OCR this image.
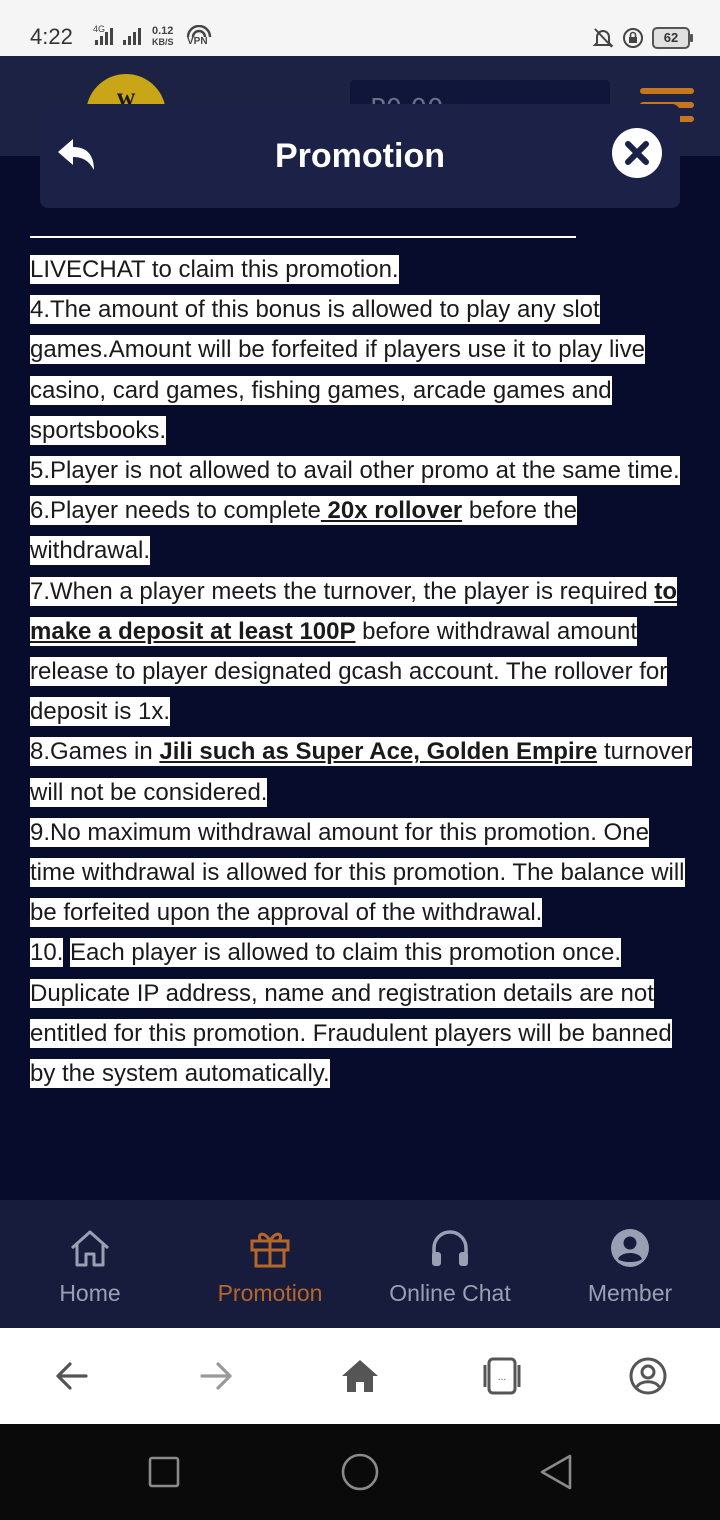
4:22 4G	0.12
KB/S VPN	62
Promotion

LIVECHAT to claim this promotion.

4.The amount of this bonus is allowed to play any slot games.Amount will be forfeited if players use it to play live casino, card games, fishing games, arcade games and sportsbooks.

5.Player is not allowed to avail other promo at the same time.

6.Player needs to complete 20x rollover before the withdrawal.

7.When a player meets the turnover, the player is required to make a deposit at least 100P before withdrawal amount release to player designated gcash account. The rollover for deposit is 1x.

8.Games in Jili such as Super Ace, Golden Empire turnover will not be considered.

9.No maximum withdrawal amount for this promotion. One time withdrawal is allowed for this promotion. The balance will be forfeited upon the approval of the withdrawal.

10. Each player is allowed to claim this promotion once. Duplicate IP address, name and registration details are not entitled for this promotion. Fraudulent players will be banned by the system automatically.

Home	Promotion	Online Chat	Member
...
